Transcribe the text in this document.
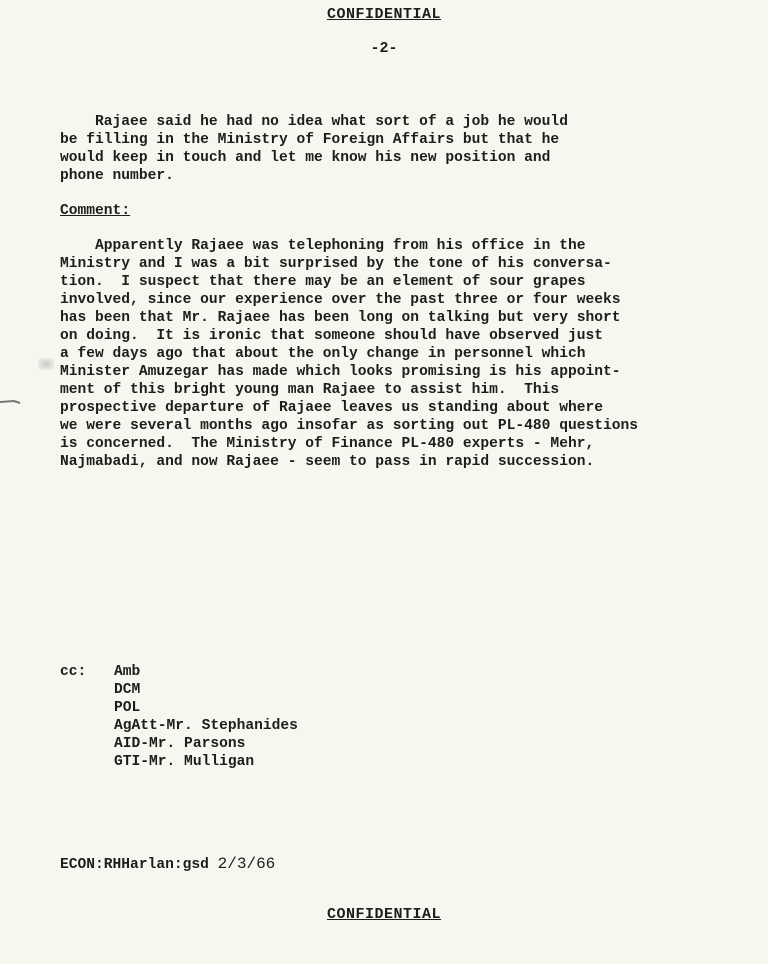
CONFIDENTIAL
-2-

Rajaee said he had no idea what sort of a job he would
be filling in the Ministry of Foreign Affairs but that he
would keep in touch and let me know his new position and
phone number.

Comment:

Apparently Rajaee was telephoning from his office in the
Ministry and I was a bit surprised by the tone of his conversa-
tion.  I suspect that there may be an element of sour grapes
involved, since our experience over the past three or four weeks
has been that Mr. Rajaee has been long on talking but very short
on doing.  It is ironic that someone should have observed just
a few days ago that about the only change in personnel which
Minister Amuzegar has made which looks promising is his appoint-
ment of this bright young man Rajaee to assist him.  This
prospective departure of Rajaee leaves us standing about where
we were several months ago insofar as sorting out PL-480 questions
is concerned.  The Ministry of Finance PL-480 experts - Mehr,
Najmabadi, and now Rajaee - seem to pass in rapid succession.

cc:	Amb
DCM
POL
AgAtt-Mr. Stephanides
AID-Mr. Parsons
GTI-Mr. Mulligan
ECON:RHHarlan:gsd 2/3/66
CONFIDENTIAL
